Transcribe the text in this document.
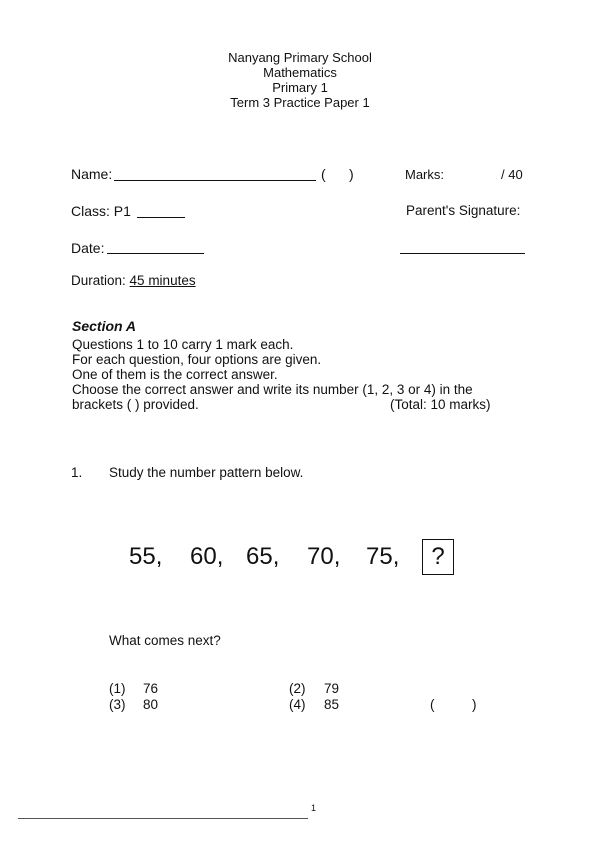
Nanyang Primary School
Mathematics
Primary 1
Term 3 Practice Paper 1
Name:	(      )	Marks:	/ 40
Class: P1	Parent's Signature:
Date:
Duration: 45 minutes
Section A
Questions 1 to 10 carry 1 mark each.
For each question, four options are given.
One of them is the correct answer.
Choose the correct answer and write its number (1, 2, 3 or 4) in the
brackets ( ) provided.	(Total: 10 marks)
1. Study the number pattern below.
55, 60, 65, 70, 75,	?
What comes next?
(1) 76	(2) 79
(3) 80	(4) 85	(          )
1
